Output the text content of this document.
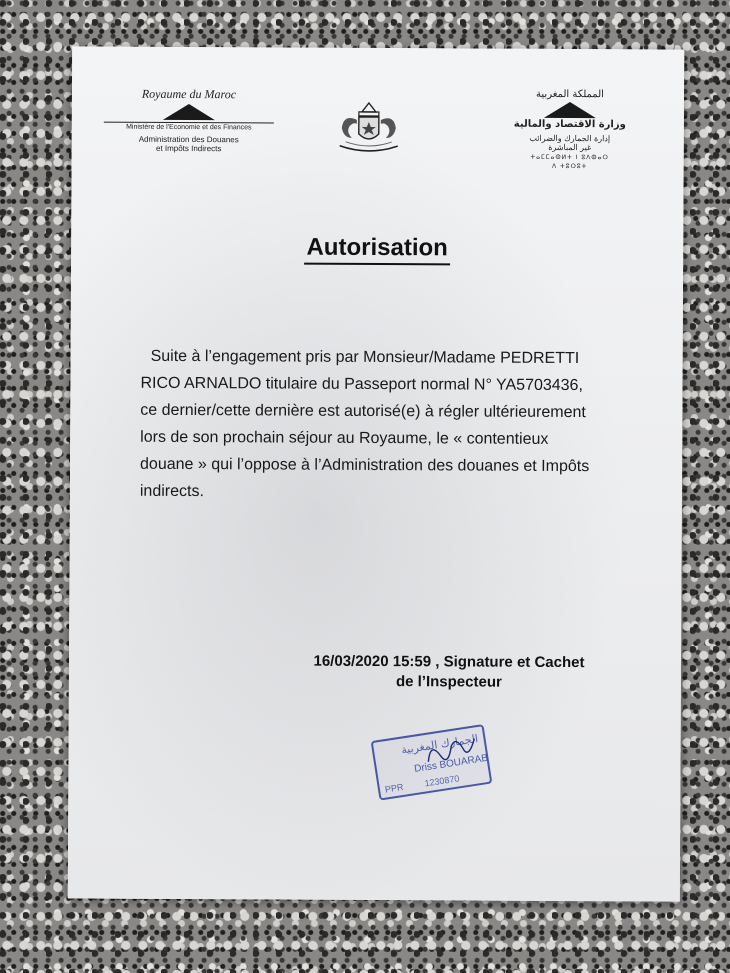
Royaume du Maroc
Ministère de l'Economie et des Finances
Administration des Douanes
et Impôts Indirects
المملكة المغربية
وزارة الاقتصاد والمالية
إدارة الجمارك والضرائب
غير المباشرة
ⵜⴰⵎⵎⴰⵀⵍⵜ ⵏ ⵓⴷⵀⴰⵔ
ⴷ ⵜⵓⵔⵓⵜ
Autorisation
Suite à l’engagement pris par Monsieur/Madame PEDRETTI
RICO ARNALDO titulaire du Passeport normal N° YA5703436,
ce dernier/cette dernière est autorisé(e) à régler ultérieurement
lors de son prochain séjour au Royaume, le « contentieux
douane » qui l’oppose à l’Administration des douanes et Impôts
indirects.
16/03/2020 15:59 , Signature et Cachet
de l’Inspecteur
الجمارك المغربية
Driss BOUARAB
PPR 1230870
